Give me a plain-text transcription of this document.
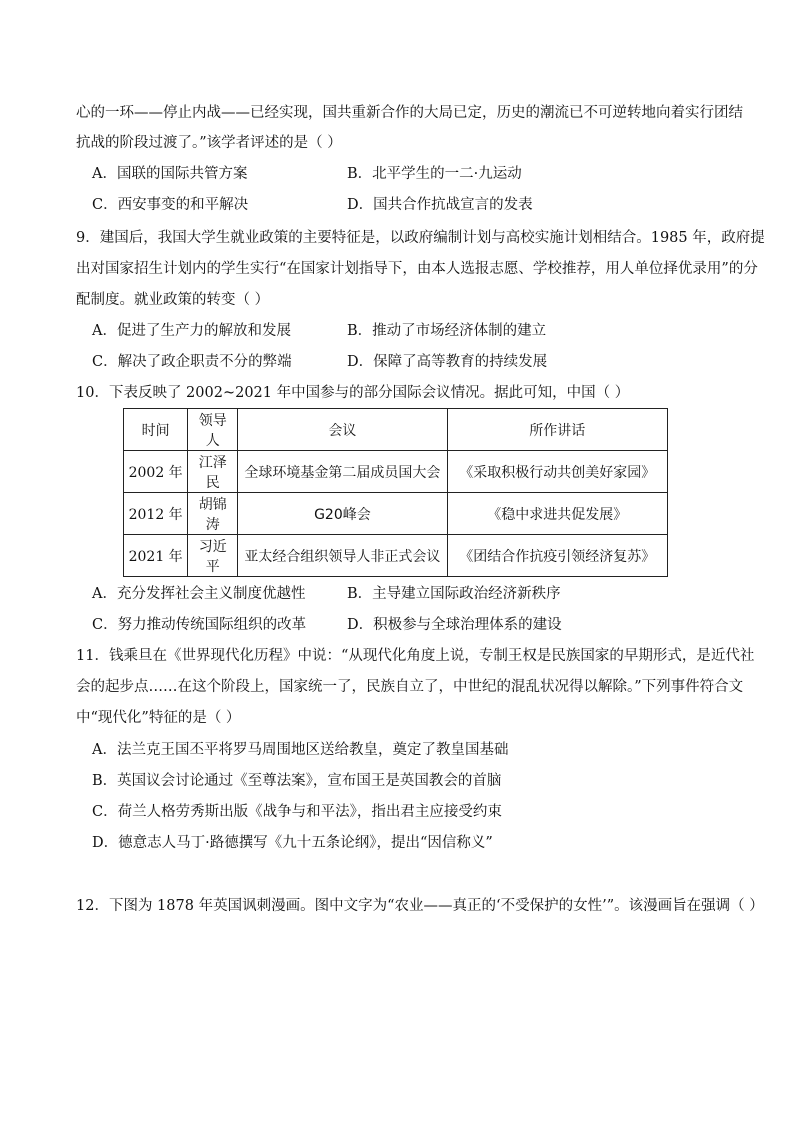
心的一环——停止内战——已经实现，国共重新合作的大局已定，历史的潮流已不可逆转地向着实行团结
抗战的阶段过渡了。”该学者评述的是（ ）
A．国联的国际共管方案	B．北平学生的一二·九运动
C．西安事变的和平解决	D．国共合作抗战宣言的发表
9．建国后，我国大学生就业政策的主要特征是，以政府编制计划与高校实施计划相结合。1985 年，政府提
出对国家招生计划内的学生实行“在国家计划指导下，由本人选报志愿、学校推荐，用人单位择优录用”的分
配制度。就业政策的转变（ ）
A．促进了生产力的解放和发展	B．推动了市场经济体制的建立
C．解决了政企职责不分的弊端	D．保障了高等教育的持续发展
10．下表反映了 2002~2021 年中国参与的部分国际会议情况。据此可知，中国（ ）
时间	领导人	会议	所作讲话
2002 年	江泽民	全球环境基金第二届成员国大会	《采取积极行动共创美好家园》
2012 年	胡锦涛	G20峰会	《稳中求进共促发展》
2021 年	习近平	亚太经合组织领导人非正式会议	《团结合作抗疫引领经济复苏》
A．充分发挥社会主义制度优越性	B．主导建立国际政治经济新秩序
C．努力推动传统国际组织的改革	D．积极参与全球治理体系的建设
11．钱乘旦在《世界现代化历程》中说：“从现代化角度上说，专制王权是民族国家的早期形式，是近代社
会的起步点……在这个阶段上，国家统一了，民族自立了，中世纪的混乱状况得以解除。”下列事件符合文
中“现代化”特征的是（ ）
A．法兰克王国丕平将罗马周围地区送给教皇，奠定了教皇国基础
B．英国议会讨论通过《至尊法案》，宣布国王是英国教会的首脑
C．荷兰人格劳秀斯出版《战争与和平法》，指出君主应接受约束
D．德意志人马丁·路德撰写《九十五条论纲》，提出“因信称义”
12．下图为 1878 年英国讽刺漫画。图中文字为“农业——真正的‘不受保护的女性’”。该漫画旨在强调（ ）
